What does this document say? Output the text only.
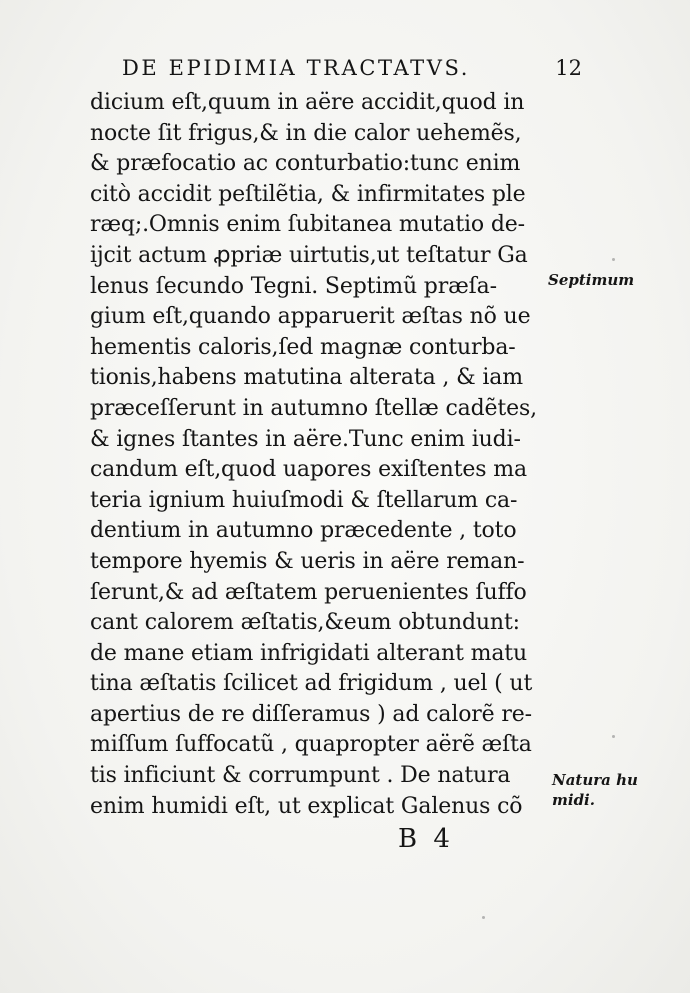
DE EPIDIMIA TRACTATVS.	12
dicium eſt,quum in aëre accidit,quod in
nocte ſit frigus,& in die calor uehemẽs,
& præfocatio ac conturbatio:tunc enim
citò accidit peſtilẽtia, & infirmitates ple
ræq;.Omnis enim ſubitanea mutatio de-
ijcit actum ꝓpriæ uirtutis,ut teſtatur Ga
lenus ſecundo Tegni. Septimũ præſa-
gium eſt,quando apparuerit æſtas nõ ue
hementis caloris,ſed magnæ conturba-
tionis,habens matutina alterata , & iam
præceſſerunt in autumno ſtellæ cadẽtes,
& ignes ſtantes in aëre.Tunc enim iudi-
candum eſt,quod uapores exiſtentes ma
teria ignium huiuſmodi & ſtellarum ca-
dentium in autumno præcedente , toto
tempore hyemis & ueris in aëre reman-
ſerunt,& ad æſtatem peruenientes ſuffo
cant calorem æſtatis,&eum obtundunt:
de mane etiam infrigidati alterant matu
tina æſtatis ſcilicet ad frigidum , uel ( ut
apertius de re diſſeramus ) ad calorẽ re-
miſſum ſuffocatũ , quapropter aërẽ æſta
tis inficiunt & corrumpunt . De natura
enim humidi eſt, ut explicat Galenus cõ
Septimum
Natura hu
midi.
B 4
